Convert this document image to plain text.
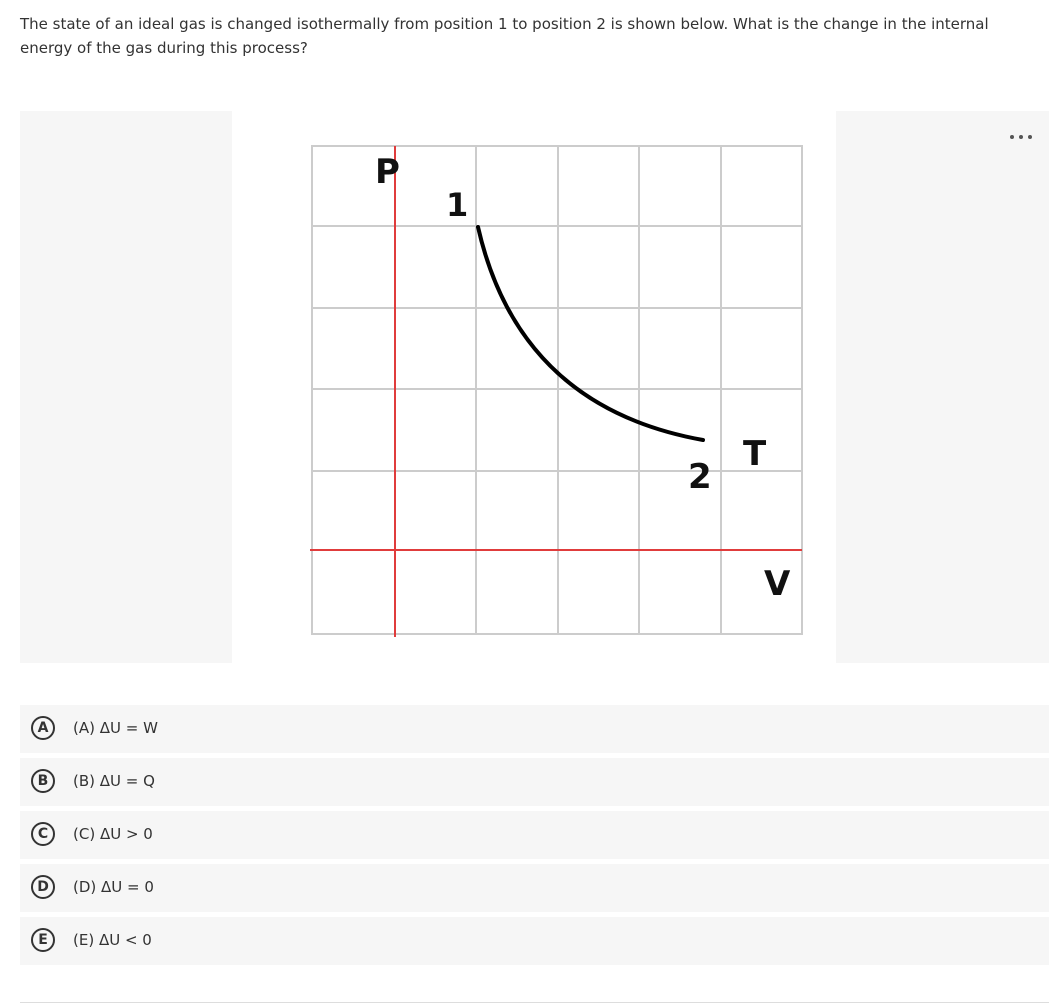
The state of an ideal gas is changed isothermally from position 1 to position 2 is shown below. What is the change in the internal energy of the gas during this process?
P
1
2
T
V
A	(A) ΔU = W
B	(B) ΔU = Q
C	(C) ΔU > 0
D	(D) ΔU = 0
E	(E) ΔU < 0
